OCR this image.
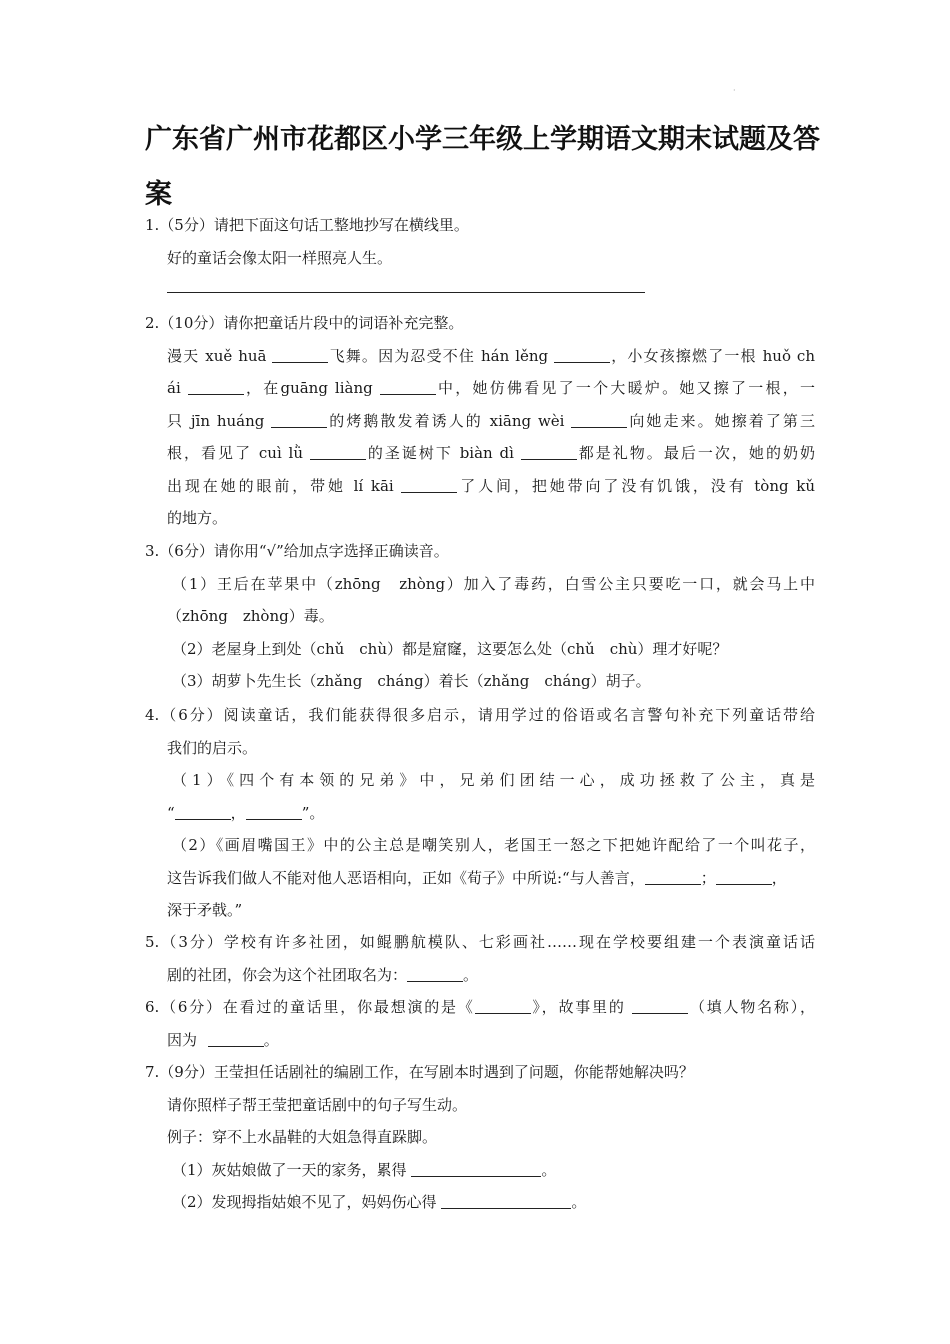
·
广东省广州市花都区小学三年级上学期语文期末试题及答案
1.（5分）请把下面这句话工整地抄写在横线里。
好的童话会像太阳一样照亮人生。
2.（10分）请你把童话片段中的词语补充完整。
漫天 xuě huā	飞舞。因为忍受不住 hán lěng	，小女孩擦燃了一根 huǒ ch
ái	，在guāng liàng	中，她仿佛看见了一个大暖炉。她又擦了一根，一
只 jīn huáng	的烤鹅散发着诱人的 xiāng wèi	向她走来。她擦着了第三
根，看见了 cuì lǜ	的圣诞树下 biàn dì	都是礼物。最后一次，她的奶奶
出现在她的眼前，带她 lí kāi	了人间，把她带向了没有饥饿，没有 tòng kǔ
的地方。
3.（6分）请你用“√”给加点字选择正确读音。
（1）王后在苹果中（zhōng　zhòng）加入了毒药，白雪公主只要吃一口，就会马上中
（zhōng　zhòng）毒。
（2）老屋身上到处（chǔ　chù）都是窟窿，这要怎么处（chǔ　chù）理才好呢？
（3）胡萝卜先生长（zhǎng　cháng）着长（zhǎng　cháng）胡子。
4.（6分）阅读童话，我们能获得很多启示，请用学过的俗语或名言警句补充下列童话带给
我们的启示。
（1）《四个有本领的兄弟》中，兄弟们团结一心，成功拯救了公主，真是
“	，	”。
（2）《画眉嘴国王》中的公主总是嘲笑别人，老国王一怒之下把她许配给了一个叫花子，
这告诉我们做人不能对他人恶语相向，正如《荀子》中所说:“与人善言，	；	，
深于矛戟。”
5.（3分）学校有许多社团，如鲲鹏航模队、七彩画社……现在学校要组建一个表演童话话
剧的社团，你会为这个社团取名为：	。
6.（6分）在看过的童话里，你最想演的是《	》，故事里的	（填人物名称），
因为	。
7.（9分）王莹担任话剧社的编剧工作，在写剧本时遇到了问题，你能帮她解决吗？
请你照样子帮王莹把童话剧中的句子写生动。
例子：穿不上水晶鞋的大姐急得直跺脚。
（1）灰姑娘做了一天的家务，累得	。
（2）发现拇指姑娘不见了，妈妈伤心得	。
